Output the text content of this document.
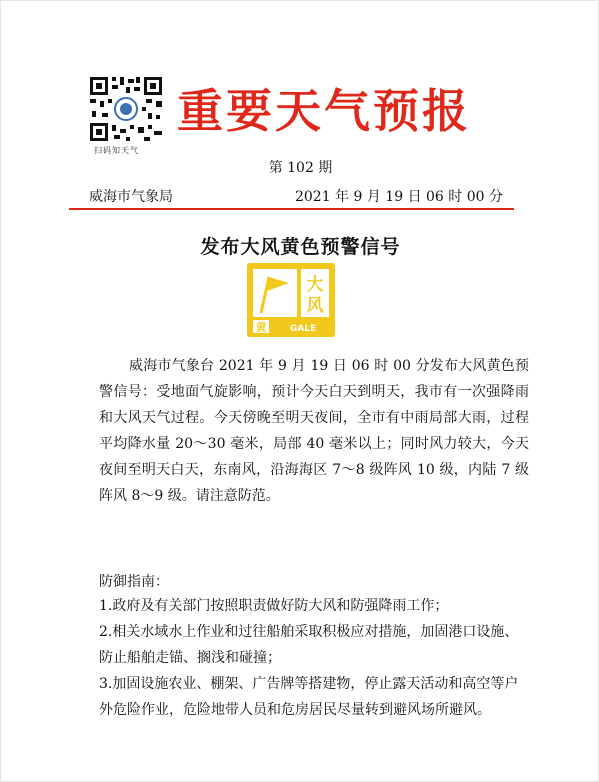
扫码知天气
重要天气预报
第 102 期
威海市气象局	2021 年 9 月 19 日 06 时 00 分
发布大风黄色预警信号
大
黄	GALE
风

威海市气象台 2021 年 9 月 19 日 06 时 00 分发布大风黄色预警信号：受地面气旋影响，预计今天白天到明天，我市有一次强降雨和大风天气过程。今天傍晚至明天夜间，全市有中雨局部大雨，过程平均降水量 20～30 毫米，局部 40 毫米以上；同时风力较大，今天夜间至明天白天，东南风，沿海海区 7～8 级阵风 10 级，内陆 7 级阵风 8～9 级。请注意防范。

防御指南：
1.政府及有关部门按照职责做好防大风和防强降雨工作；
2.相关水域水上作业和过往船舶采取积极应对措施，加固港口设施、防止船舶走锚、搁浅和碰撞；
3.加固设施农业、棚架、广告牌等搭建物，停止露天活动和高空等户外危险作业，危险地带人员和危房居民尽量转到避风场所避风。
